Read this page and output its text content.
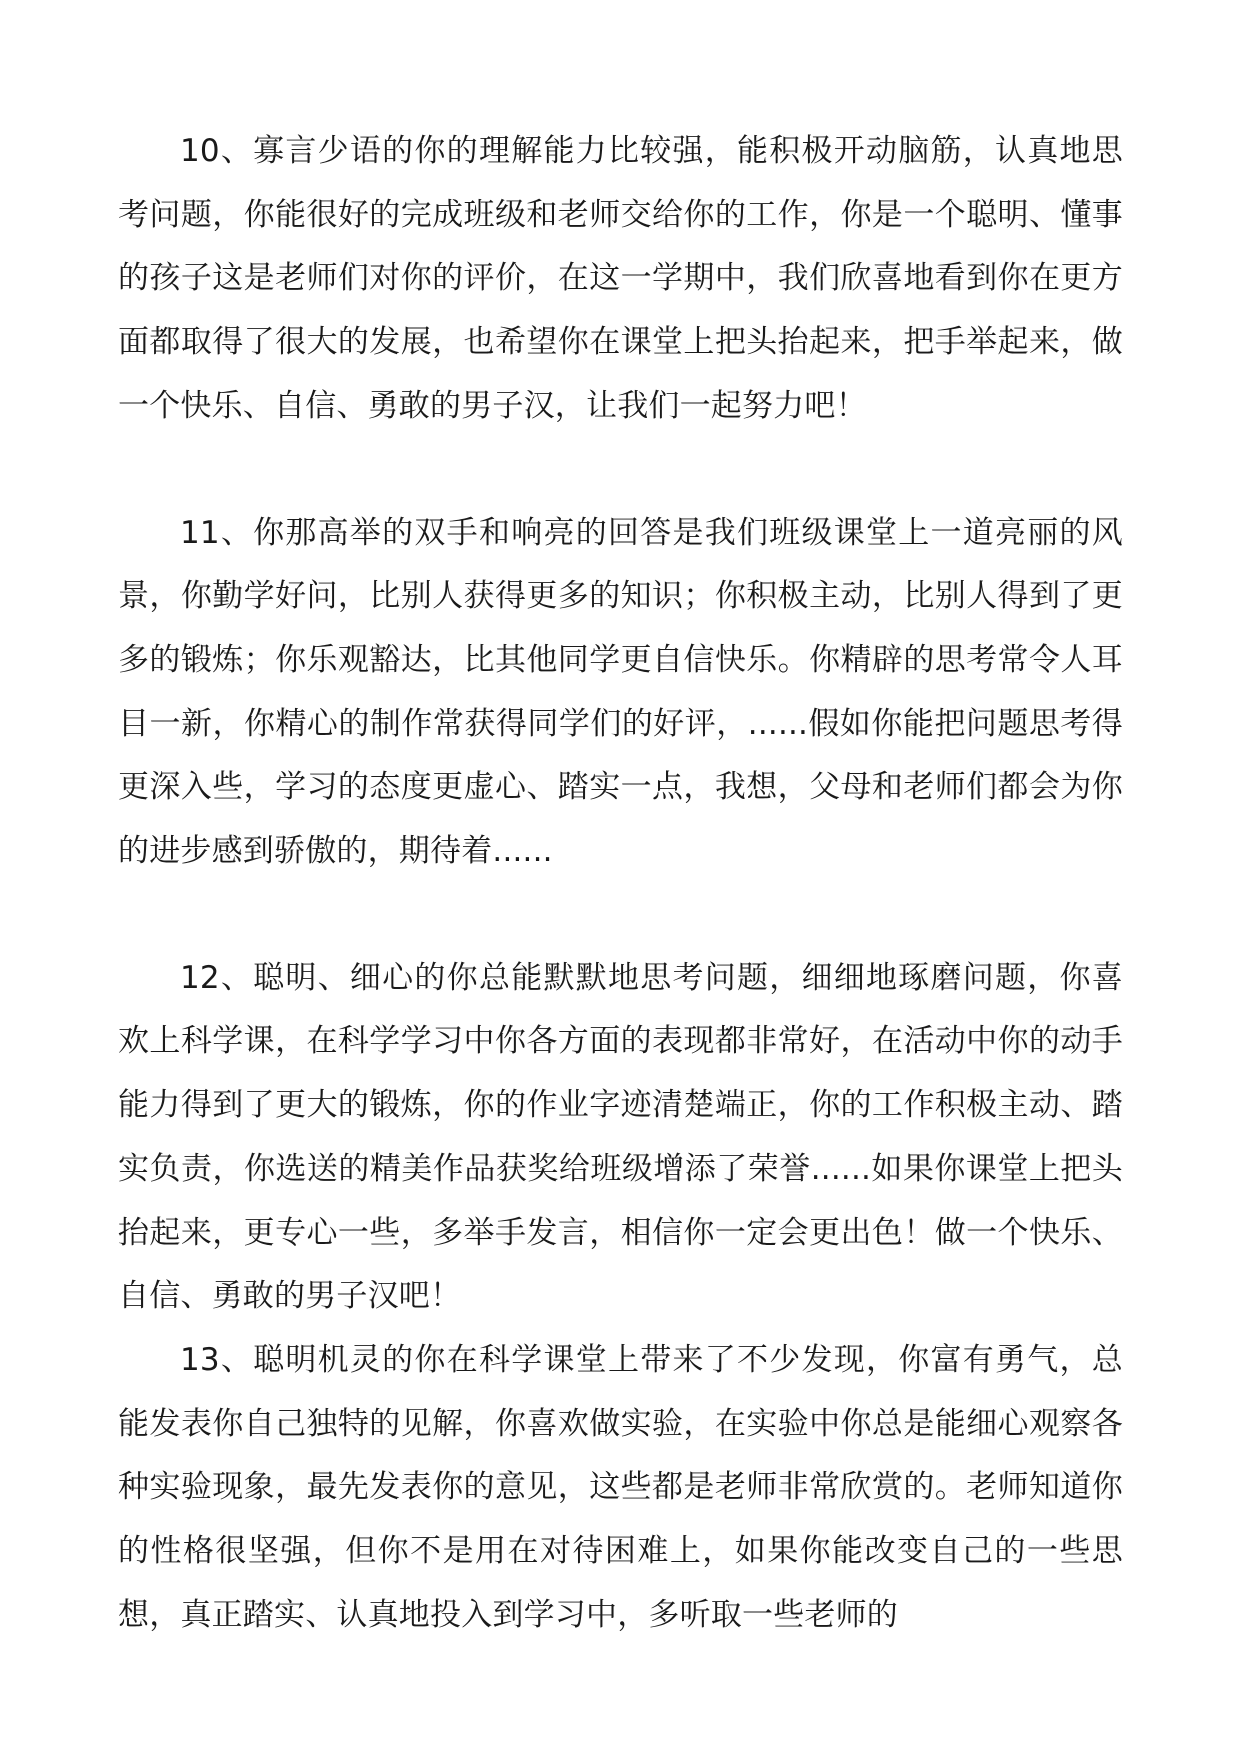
10、寡言少语的你的理解能力比较强，能积极开动脑筋，认真地思考问题，你能很好的完成班级和老师交给你的工作，你是一个聪明、懂事的孩子这是老师们对你的评价，在这一学期中，我们欣喜地看到你在更方面都取得了很大的发展，也希望你在课堂上把头抬起来，把手举起来，做一个快乐、自信、勇敢的男子汉，让我们一起努力吧！

11、你那高举的双手和响亮的回答是我们班级课堂上一道亮丽的风景，你勤学好问，比别人获得更多的知识；你积极主动，比别人得到了更多的锻炼；你乐观豁达，比其他同学更自信快乐。你精辟的思考常令人耳目一新，你精心的制作常获得同学们的好评，......假如你能把问题思考得更深入些，学习的态度更虚心、踏实一点，我想，父母和老师们都会为你的进步感到骄傲的，期待着......

12、聪明、细心的你总能默默地思考问题，细细地琢磨问题，你喜欢上科学课，在科学学习中你各方面的表现都非常好，在活动中你的动手能力得到了更大的锻炼，你的作业字迹清楚端正，你的工作积极主动、踏实负责，你选送的精美作品获奖给班级增添了荣誉......如果你课堂上把头抬起来，更专心一些，多举手发言，相信你一定会更出色！做一个快乐、自信、勇敢的男子汉吧！

13、聪明机灵的你在科学课堂上带来了不少发现，你富有勇气，总能发表你自己独特的见解，你喜欢做实验，在实验中你总是能细心观察各种实验现象，最先发表你的意见，这些都是老师非常欣赏的。老师知道你的性格很坚强，但你不是用在对待困难上，如果你能改变自己的一些思想，真正踏实、认真地投入到学习中，多听取一些老师的
